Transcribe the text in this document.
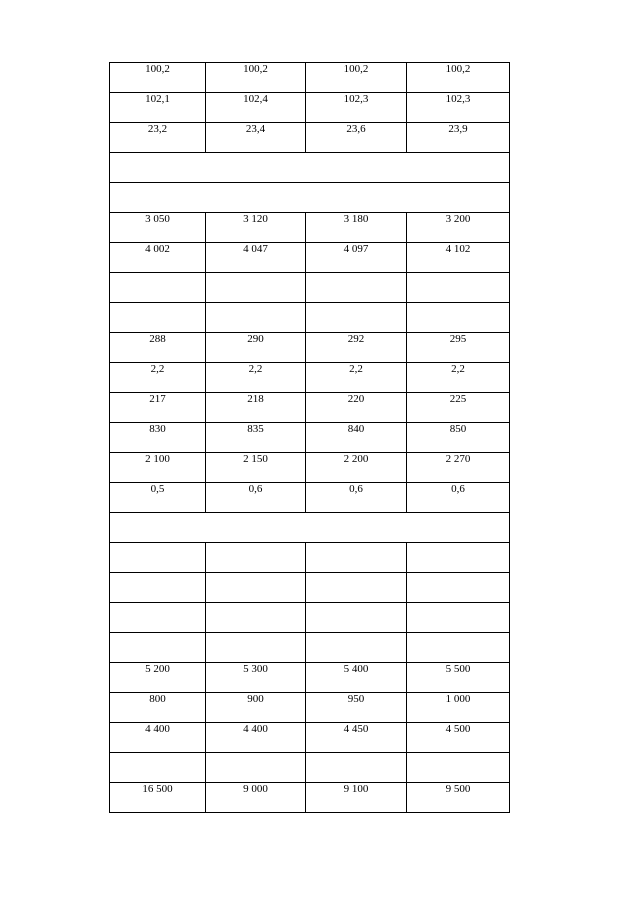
100,2	100,2	100,2	100,2
102,1	102,4	102,3	102,3
23,2	23,4	23,6	23,9

3 050	3 120	3 180	3 200
4 002	4 047	4 097	4 102

288	290	292	295
2,2	2,2	2,2	2,2
217	218	220	225
830	835	840	850
2 100	2 150	2 200	2 270
0,5	0,6	0,6	0,6

5 200	5 300	5 400	5 500
800	900	950	1 000
4 400	4 400	4 450	4 500

16 500	9 000	9 100	9 500
